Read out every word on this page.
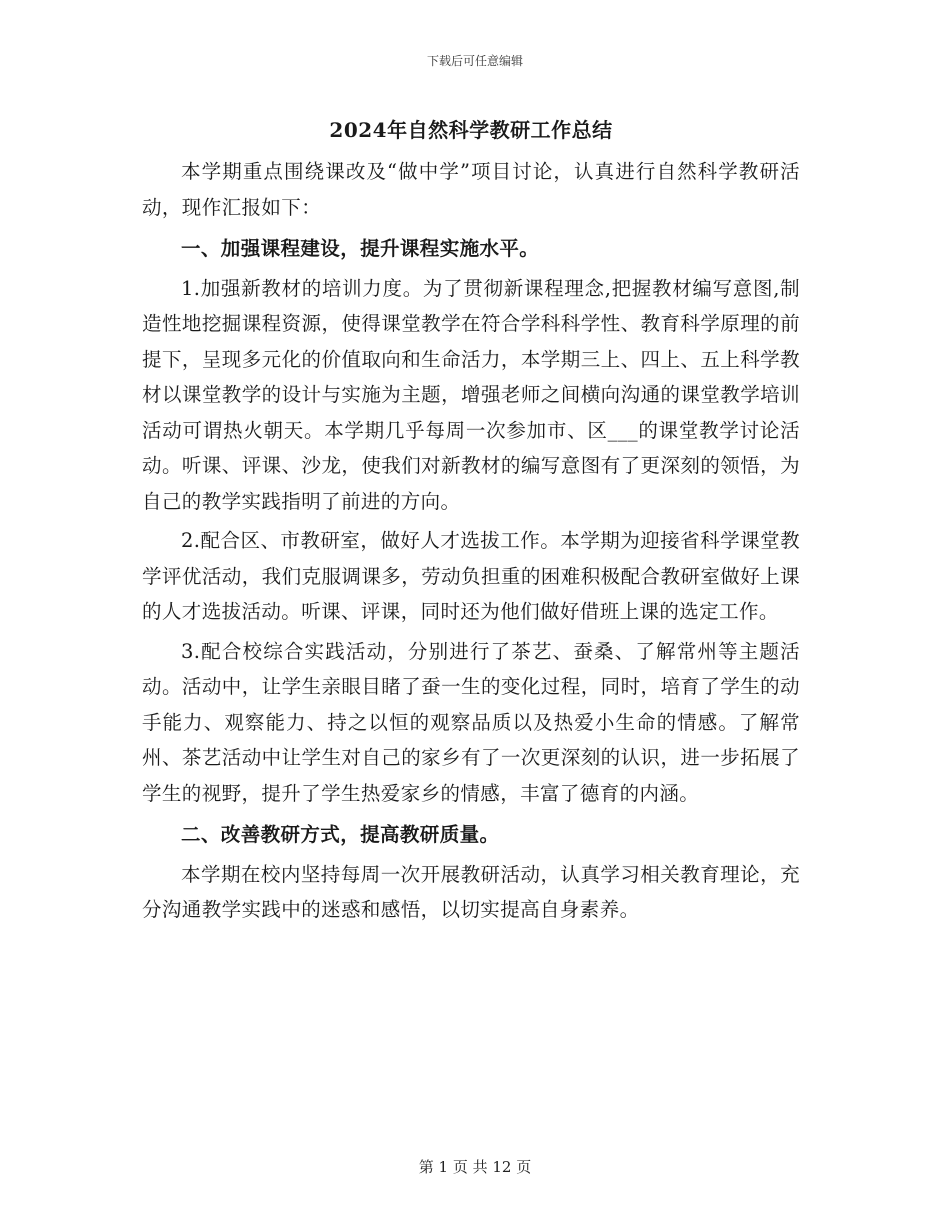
下载后可任意编辑
2024年自然科学教研工作总结

本学期重点围绕课改及“做中学”项目讨论，认真进行自然科学教研活动，现作汇报如下：

一、加强课程建设，提升课程实施水平。

1.加强新教材的培训力度。为了贯彻新课程理念,把握教材编写意图,制造性地挖掘课程资源，使得课堂教学在符合学科科学性、教育科学原理的前提下，呈现多元化的价值取向和生命活力，本学期三上、四上、五上科学教材以课堂教学的设计与实施为主题，增强老师之间横向沟通的课堂教学培训活动可谓热火朝天。本学期几乎每周一次参加市、区___的课堂教学讨论活动。听课、评课、沙龙，使我们对新教材的编写意图有了更深刻的领悟，为自己的教学实践指明了前进的方向。

2.配合区、市教研室，做好人才选拔工作。本学期为迎接省科学课堂教学评优活动，我们克服调课多，劳动负担重的困难积极配合教研室做好上课的人才选拔活动。听课、评课，同时还为他们做好借班上课的选定工作。

3.配合校综合实践活动，分别进行了茶艺、蚕桑、了解常州等主题活动。活动中，让学生亲眼目睹了蚕一生的变化过程，同时，培育了学生的动手能力、观察能力、持之以恒的观察品质以及热爱小生命的情感。了解常州、茶艺活动中让学生对自己的家乡有了一次更深刻的认识，进一步拓展了学生的视野，提升了学生热爱家乡的情感，丰富了德育的内涵。

二、改善教研方式，提高教研质量。

本学期在校内坚持每周一次开展教研活动，认真学习相关教育理论，充分沟通教学实践中的迷惑和感悟，以切实提高自身素养。

第 1 页 共 12 页
